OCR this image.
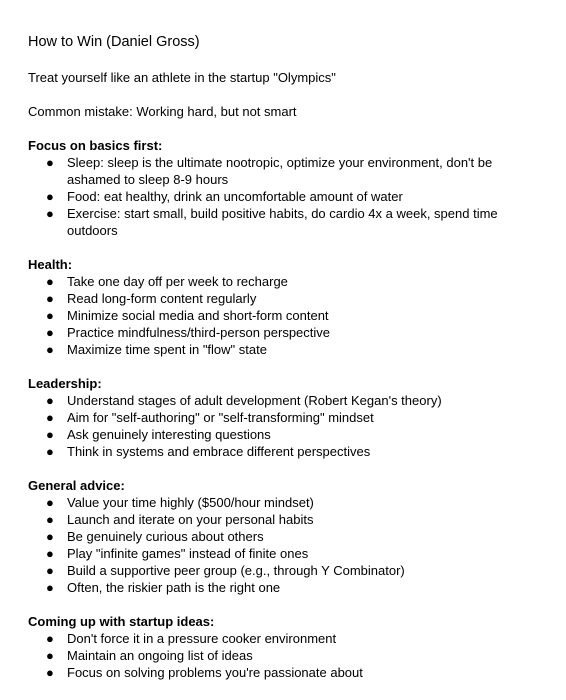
How to Win (Daniel Gross)
Treat yourself like an athlete in the startup "Olympics"
Common mistake: Working hard, but not smart
Focus on basics first:
● Sleep: sleep is the ultimate nootropic, optimize your environment, don't be ashamed to sleep 8-9 hours
● Food: eat healthy, drink an uncomfortable amount of water
● Exercise: start small, build positive habits, do cardio 4x a week, spend time outdoors
Health:
● Take one day off per week to recharge
● Read long-form content regularly
● Minimize social media and short-form content
● Practice mindfulness/third-person perspective
● Maximize time spent in "flow" state
Leadership:
● Understand stages of adult development (Robert Kegan's theory)
● Aim for "self-authoring" or "self-transforming" mindset
● Ask genuinely interesting questions
● Think in systems and embrace different perspectives
General advice:
● Value your time highly ($500/hour mindset)
● Launch and iterate on your personal habits
● Be genuinely curious about others
● Play "infinite games" instead of finite ones
● Build a supportive peer group (e.g., through Y Combinator)
● Often, the riskier path is the right one
Coming up with startup ideas:
● Don't force it in a pressure cooker environment
● Maintain an ongoing list of ideas
● Focus on solving problems you're passionate about
